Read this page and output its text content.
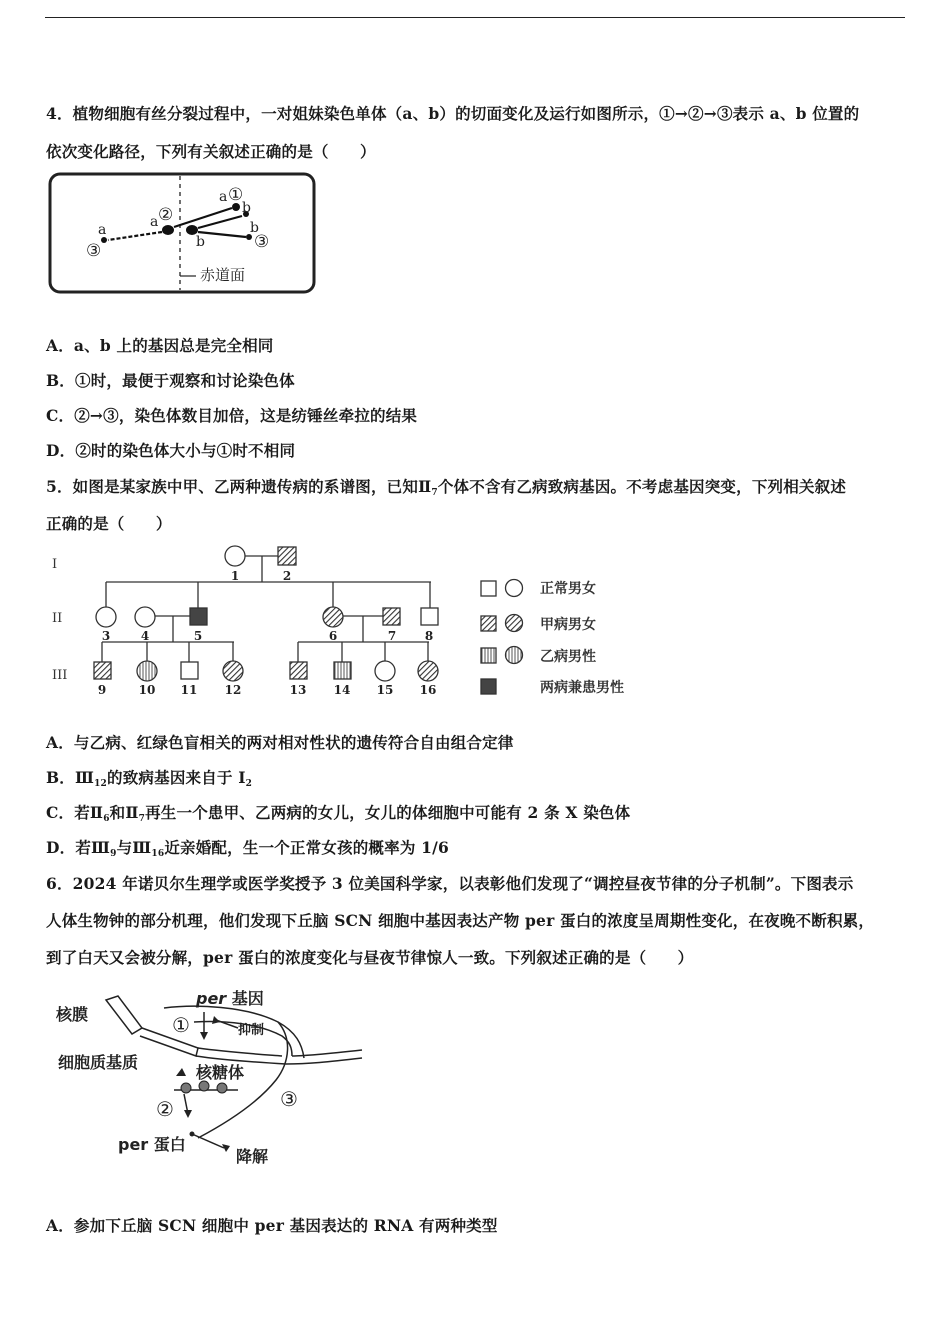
4．植物细胞有丝分裂过程中，一对姐妹染色单体（a、b）的切面变化及运行如图所示，①→②→③表示 a、b 位置的
依次变化路径，下列有关叙述正确的是（　　）
赤道面
a ②
b
a ①
b
b
③
a
③
A．a、b 上的基因总是完全相同
B．①时，最便于观察和讨论染色体
C．②→③，染色体数目加倍，这是纺锤丝牵拉的结果
D．②时的染色体大小与①时不相同
5．如图是某家族中甲、乙两种遗传病的系谱图，已知Ⅱ7个体不含有乙病致病基因。不考虑基因突变，下列相关叙述
正确的是（　　）
I
II
III
1	2
3	4	5	6	7 8
9	10 11 12	13 14 15 16
正常男女
甲病男女
乙病男性
两病兼患男性
A．与乙病、红绿色盲相关的两对相对性状的遗传符合自由组合定律
B．Ⅲ12的致病基因来自于 I2
C．若Ⅱ6和Ⅱ7再生一个患甲、乙两病的女儿，女儿的体细胞中可能有 2 条 X 染色体
D．若Ⅲ9与Ⅲ16近亲婚配，生一个正常女孩的概率为 1/6
6．2024 年诺贝尔生理学或医学奖授予 3 位美国科学家，以表彰他们发现了“调控昼夜节律的分子机制”。下图表示
人体生物钟的部分机理，他们发现下丘脑 SCN 细胞中基因表达产物 per 蛋白的浓度呈周期性变化，在夜晚不断积累，
到了白天又会被分解，per 蛋白的浓度变化与昼夜节律惊人一致。下列叙述正确的是（　　）
核膜
细胞质基质
per 基因
抑制
核糖体
per 蛋白
降解
①
②	③
A．参加下丘脑 SCN 细胞中 per 基因表达的 RNA 有两种类型
